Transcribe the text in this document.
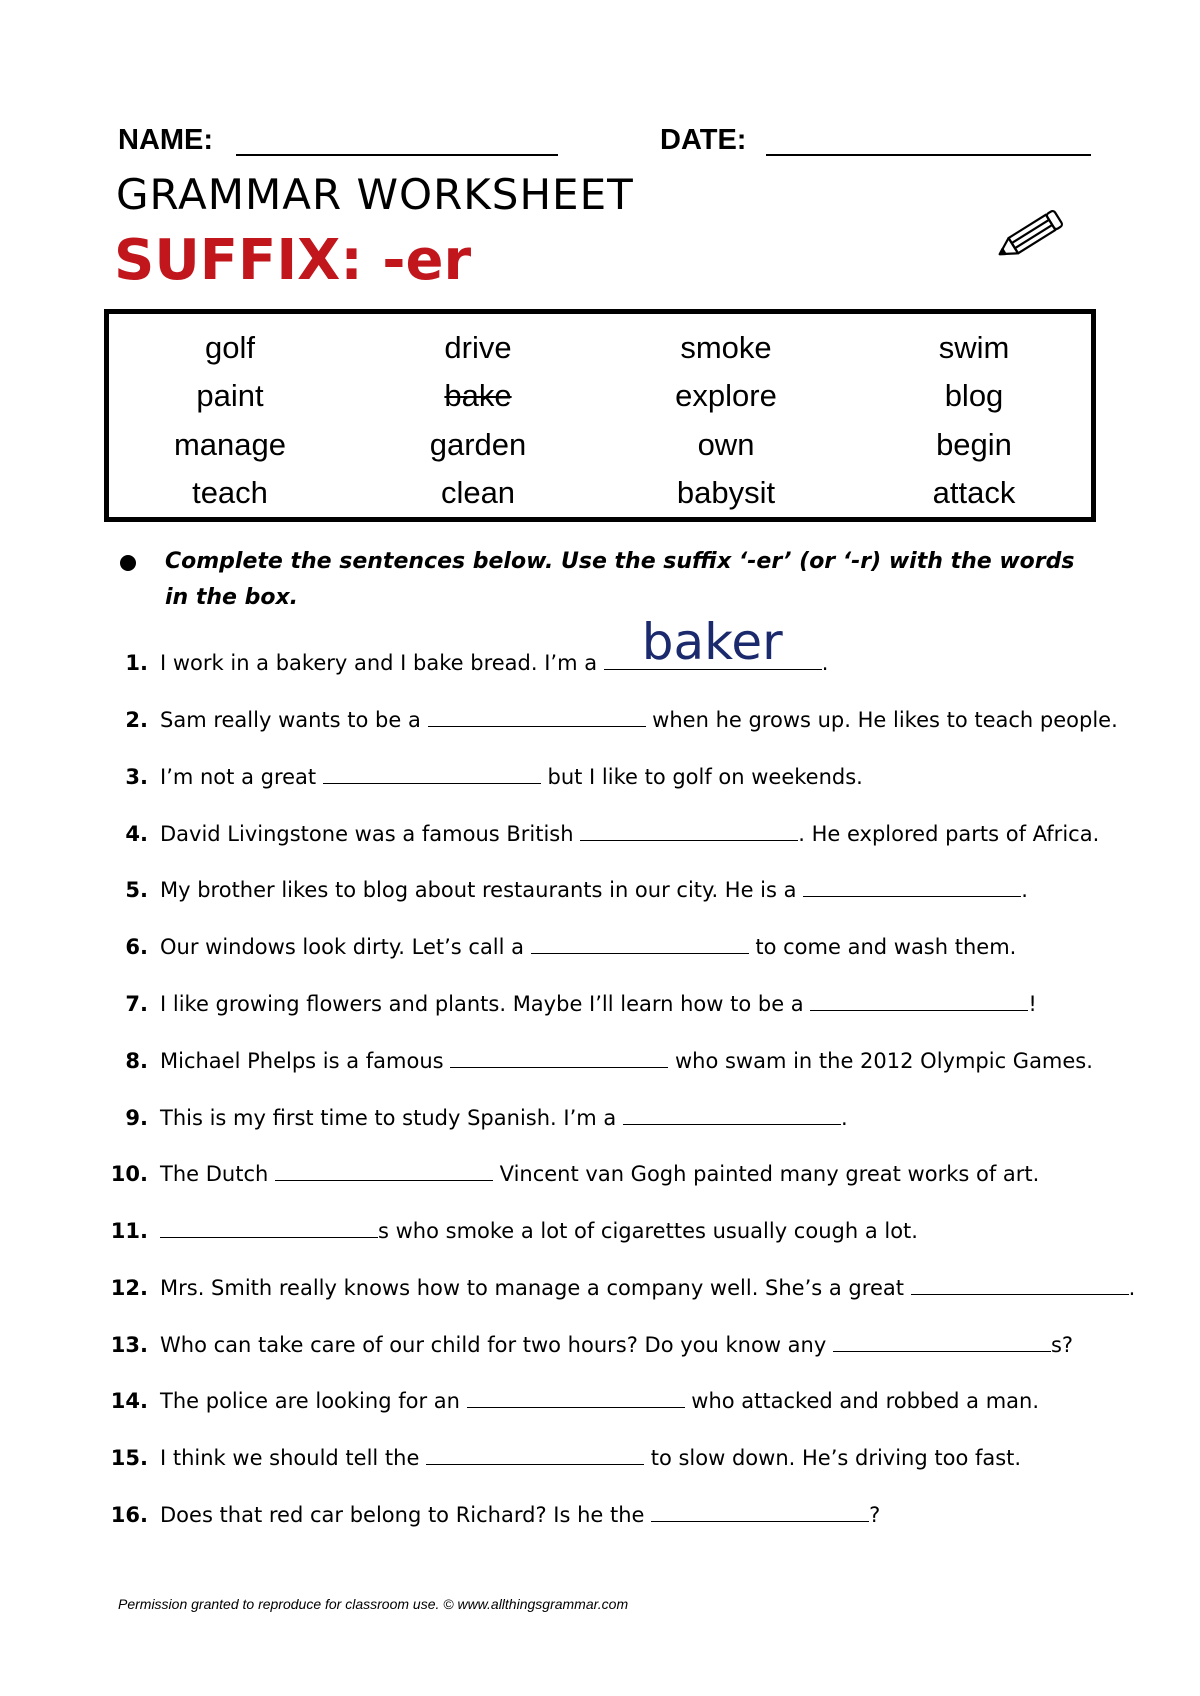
NAME:	DATE:
GRAMMAR WORKSHEET
SUFFIX: -er
golf	drive	smoke	swim
paint	bake	explore	blog
manage	garden	own	begin
teach	clean	babysit	attack
Complete the sentences below. Use the suffix ‘-er’ (or ‘-r) with the words in the box.
1. I work in a bakery and I bake bread. I’m a baker .
2. Sam really wants to be a	when he grows up. He likes to teach people.
3. I’m not a great	but I like to golf on weekends.
4. David Livingstone was a famous British	. He explored parts of Africa.
5. My brother likes to blog about restaurants in our city. He is a	.
6. Our windows look dirty. Let’s call a	to come and wash them.
7. I like growing flowers and plants. Maybe I’ll learn how to be a	!
8. Michael Phelps is a famous	who swam in the 2012 Olympic Games.
9. This is my first time to study Spanish. I’m a	.
10. The Dutch	Vincent van Gogh painted many great works of art.
11.	s who smoke a lot of cigarettes usually cough a lot.
12. Mrs. Smith really knows how to manage a company well. She’s a great	.
13. Who can take care of our child for two hours? Do you know any	s?
14. The police are looking for an	who attacked and robbed a man.
15. I think we should tell the	to slow down. He’s driving too fast.
16. Does that red car belong to Richard? Is he the	?
Permission granted to reproduce for classroom use. © www.allthingsgrammar.com
